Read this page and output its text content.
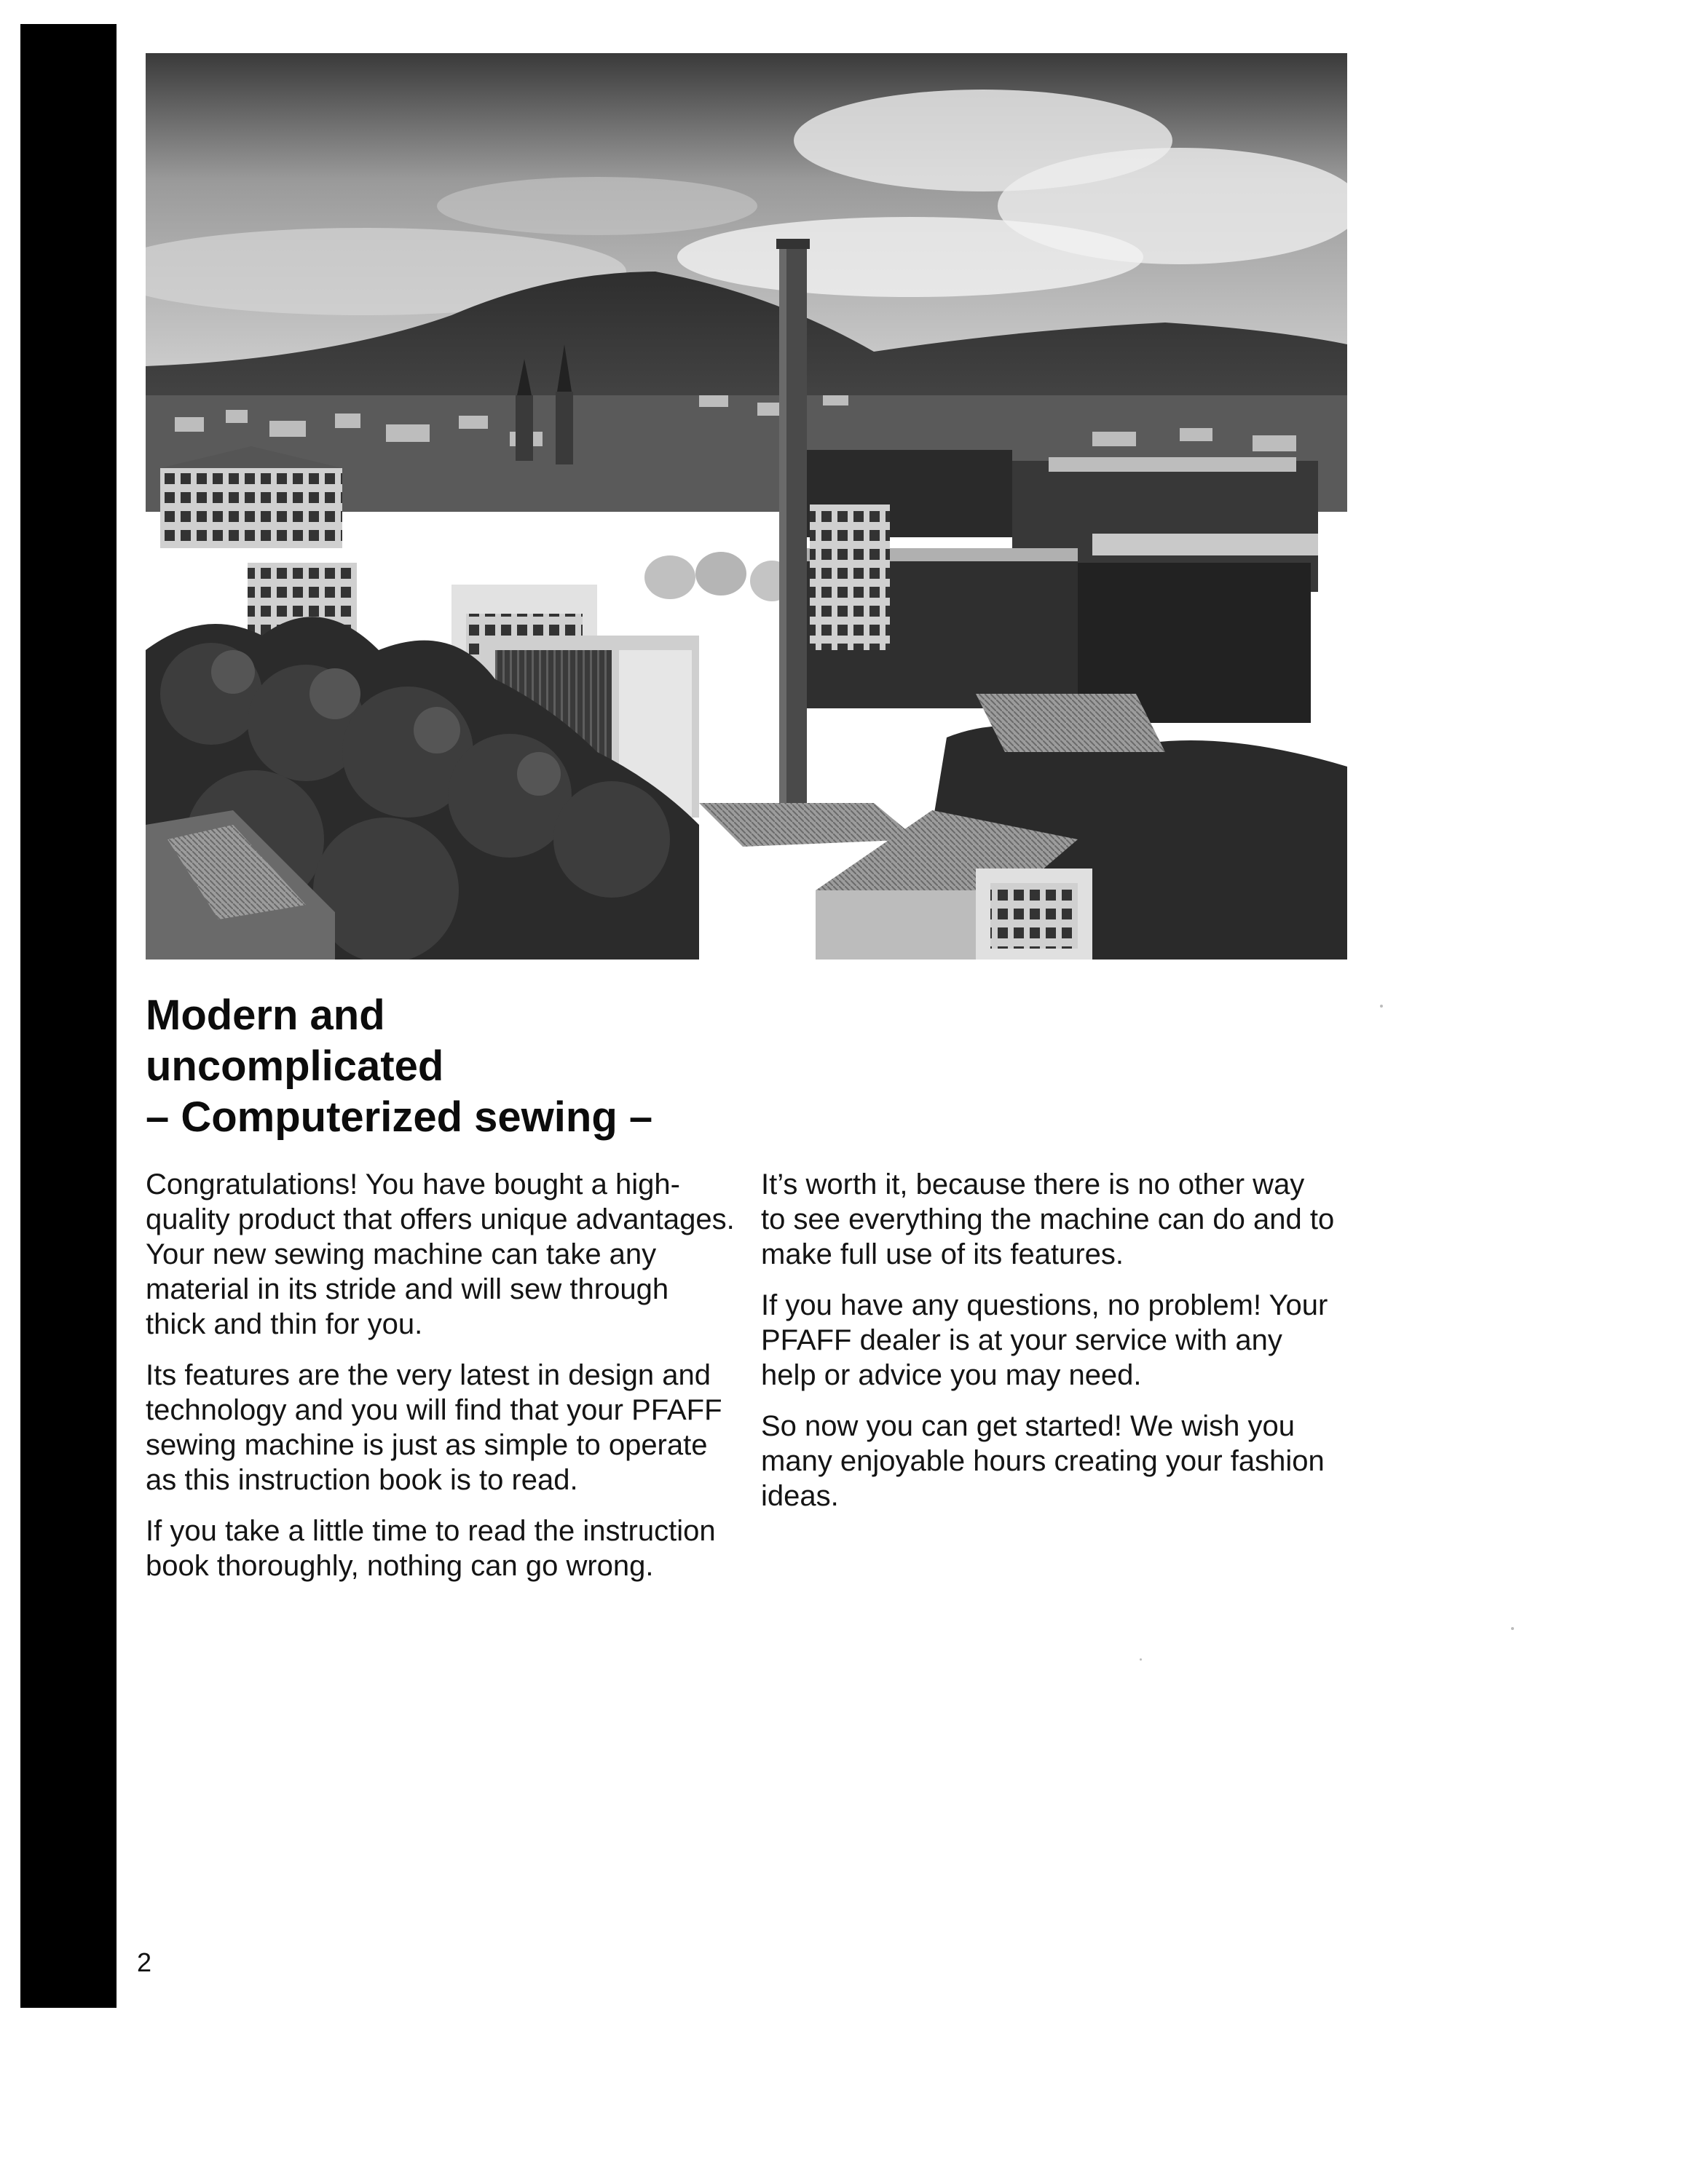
Modern and
uncomplicated
– Computerized sewing –

Congratulations! You have bought a high-quality product that offers unique advantages. Your new sewing machine can take any material in its stride and will sew through thick and thin for you.

Its features are the very latest in design and technology and you will find that your PFAFF sewing machine is just as simple to operate as this instruction book is to read.

If you take a little time to read the instruction book thoroughly, nothing can go wrong.

It’s worth it, because there is no other way to see everything the machine can do and to make full use of its features.

If you have any questions, no problem! Your PFAFF dealer is at your service with any help or advice you may need.

So now you can get started! We wish you many enjoyable hours creating your fashion ideas.

2
